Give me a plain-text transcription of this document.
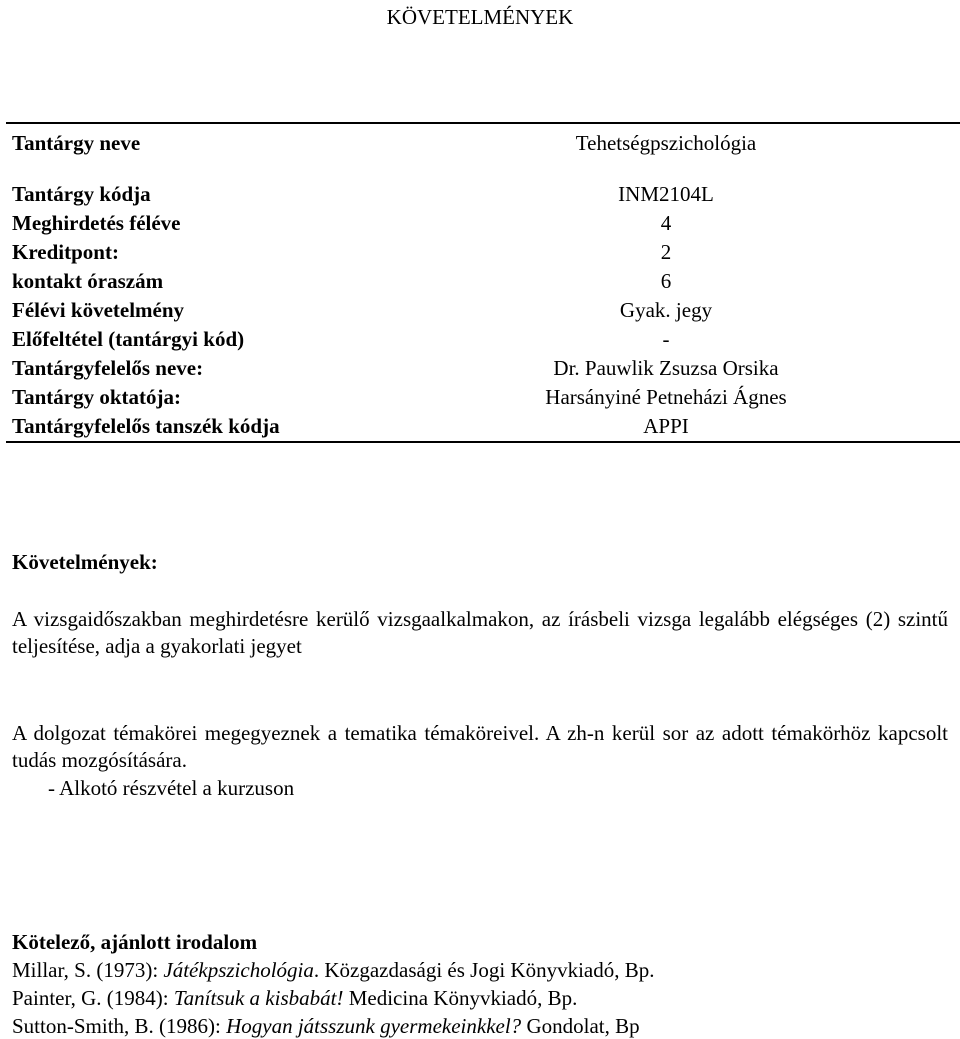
KÖVETELMÉNYEK
Tantárgy neve	Tehetségpszichológia
Tantárgy kódja	INM2104L
Meghirdetés féléve	4
Kreditpont:	2
kontakt óraszám	6
Félévi követelmény	Gyak. jegy
Előfeltétel (tantárgyi kód)	-
Tantárgyfelelős neve:	Dr. Pauwlik Zsuzsa Orsika
Tantárgy oktatója:	Harsányiné Petneházi Ágnes
Tantárgyfelelős tanszék kódja	APPI
Követelmények:
A vizsgaidőszakban meghirdetésre kerülő vizsgaalkalmakon, az írásbeli vizsga legalább elégséges (2) szintű teljesítése, adja a gyakorlati jegyet
A dolgozat témakörei megegyeznek a tematika témaköreivel. A zh-n kerül sor az adott témakörhöz kapcsolt tudás mozgósítására.
- Alkotó részvétel a kurzuson
Kötelező, ajánlott irodalom
Millar, S. (1973): Játékpszichológia. Közgazdasági és Jogi Könyvkiadó, Bp.
Painter, G. (1984): Tanítsuk a kisbabát! Medicina Könyvkiadó, Bp.
Sutton-Smith, B. (1986): Hogyan játsszunk gyermekeinkkel? Gondolat, Bp
